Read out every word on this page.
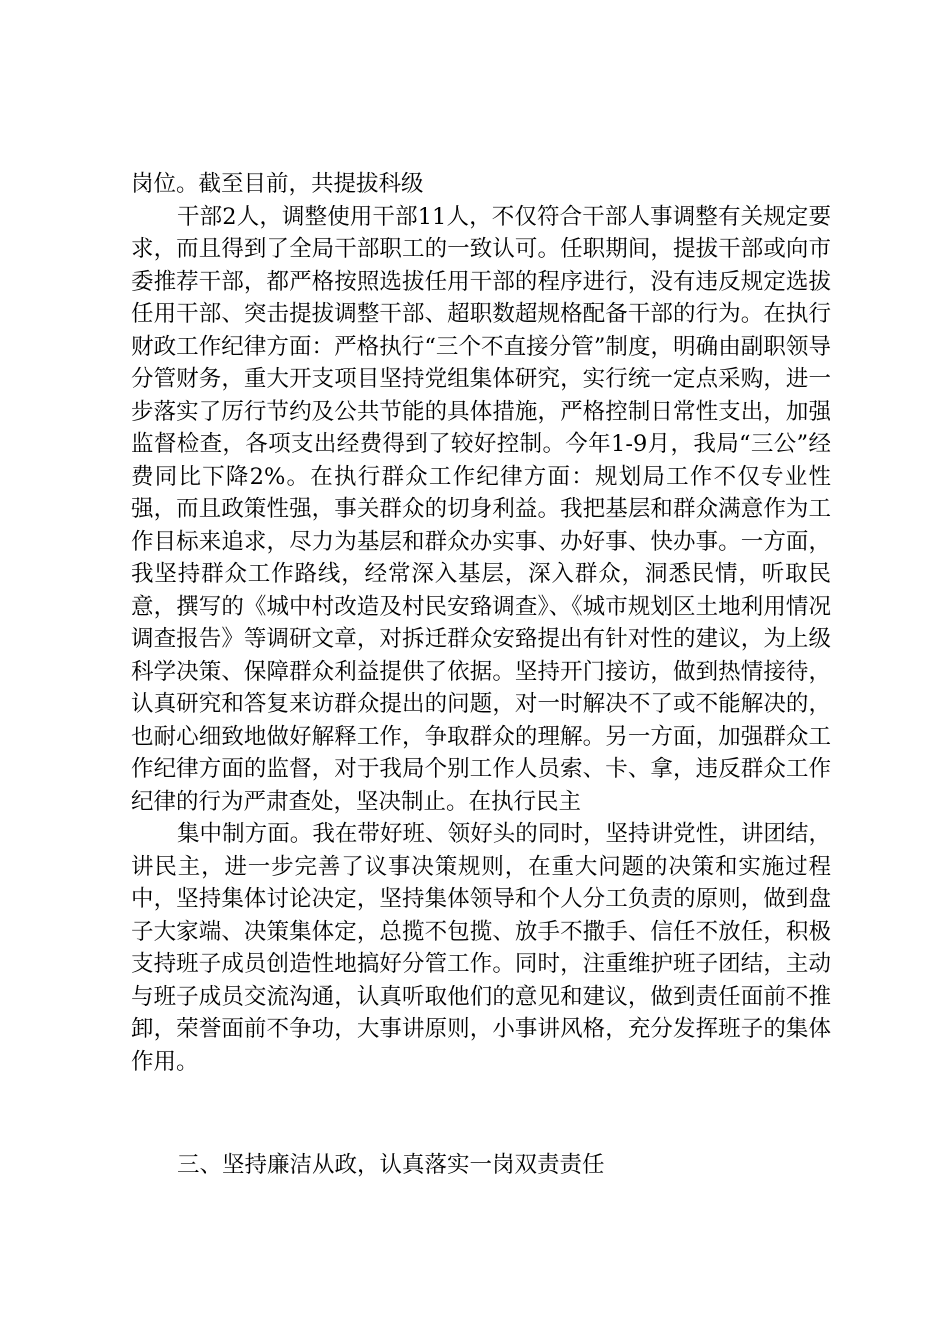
岗位。截至目前，共提拔科级

干部2人，调整使用干部11人，不仅符合干部人事调整有关规定要求，而且得到了全局干部职工的一致认可。任职期间，提拔干部或向市委推荐干部，都严格按照选拔任用干部的程序进行，没有违反规定选拔任用干部、突击提拔调整干部、超职数超规格配备干部的行为。在执行财政工作纪律方面：严格执行“三个不直接分管”制度，明确由副职领导分管财务，重大开支项目坚持党组集体研究，实行统一定点采购，进一步落实了厉行节约及公共节能的具体措施，严格控制日常性支出，加强监督检查，各项支出经费得到了较好控制。今年1-9月，我局“三公”经费同比下降2%。在执行群众工作纪律方面：规划局工作不仅专业性强，而且政策性强，事关群众的切身利益。我把基层和群众满意作为工作目标来追求，尽力为基层和群众办实事、办好事、快办事。一方面，我坚持群众工作路线，经常深入基层，深入群众，洞悉民情，听取民意，撰写的《城中村改造及村民安臵调查》、《城市规划区土地利用情况调查报告》等调研文章，对拆迁群众安臵提出有针对性的建议，为上级科学决策、保障群众利益提供了依据。坚持开门接访，做到热情接待，认真研究和答复来访群众提出的问题，对一时解决不了或不能解决的，也耐心细致地做好解释工作，争取群众的理解。另一方面，加强群众工作纪律方面的监督，对于我局个别工作人员索、卡、拿，违反群众工作纪律的行为严肃查处，坚决制止。在执行民主

集中制方面。我在带好班、领好头的同时，坚持讲党性，讲团结，讲民主，进一步完善了议事决策规则，在重大问题的决策和实施过程中，坚持集体讨论决定，坚持集体领导和个人分工负责的原则，做到盘子大家端、决策集体定，总揽不包揽、放手不撒手、信任不放任，积极支持班子成员创造性地搞好分管工作。同时，注重维护班子团结，主动与班子成员交流沟通，认真听取他们的意见和建议，做到责任面前不推卸，荣誉面前不争功，大事讲原则，小事讲风格，充分发挥班子的集体作用。

三、坚持廉洁从政，认真落实一岗双责责任
